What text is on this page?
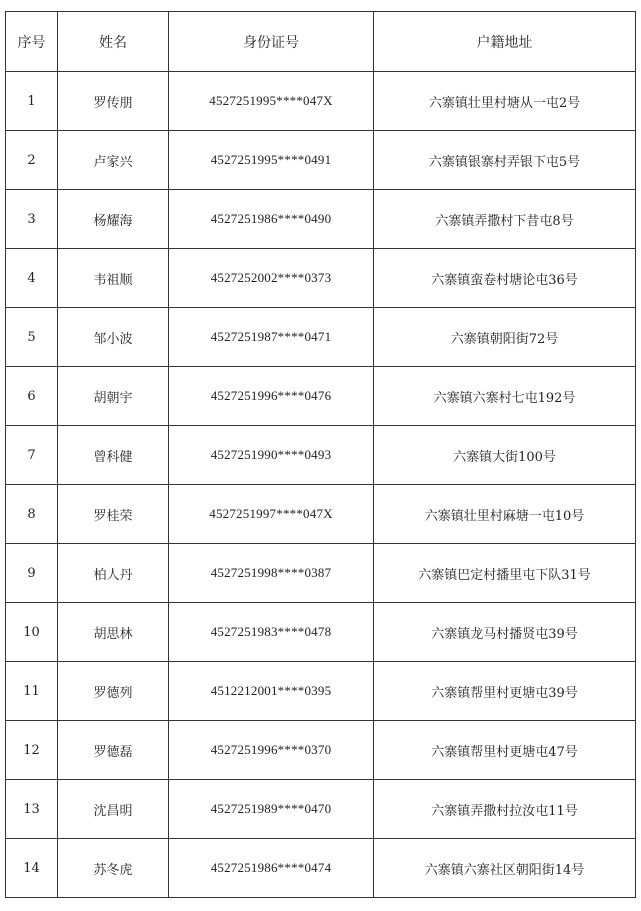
序号	姓名	身份证号	户籍地址
1	罗传朋	4527251995****047X	六寨镇壮里村塘从一屯2号
2	卢家兴	4527251995****0491	六寨镇银寨村弄银下屯5号
3	杨耀海	4527251986****0490	六寨镇弄撒村下昔屯8号
4	韦祖顺	4527252002****0373	六寨镇蛮卷村塘论屯36号
5	邹小波	4527251987****0471	六寨镇朝阳街72号
6	胡朝宇	4527251996****0476	六寨镇六寨村七屯192号
7	曾科健	4527251990****0493	六寨镇大街100号
8	罗桂荣	4527251997****047X	六寨镇壮里村麻塘一屯10号
9	柏人丹	4527251998****0387	六寨镇巴定村播里屯下队31号
10	胡思林	4527251983****0478	六寨镇龙马村播贤屯39号
11	罗德列	4512212001****0395	六寨镇帮里村更塘屯39号
12	罗德磊	4527251996****0370	六寨镇帮里村更塘屯47号
13	沈昌明	4527251989****0470	六寨镇弄撒村拉汝屯11号
14	苏冬虎	4527251986****0474	六寨镇六寨社区朝阳街14号
